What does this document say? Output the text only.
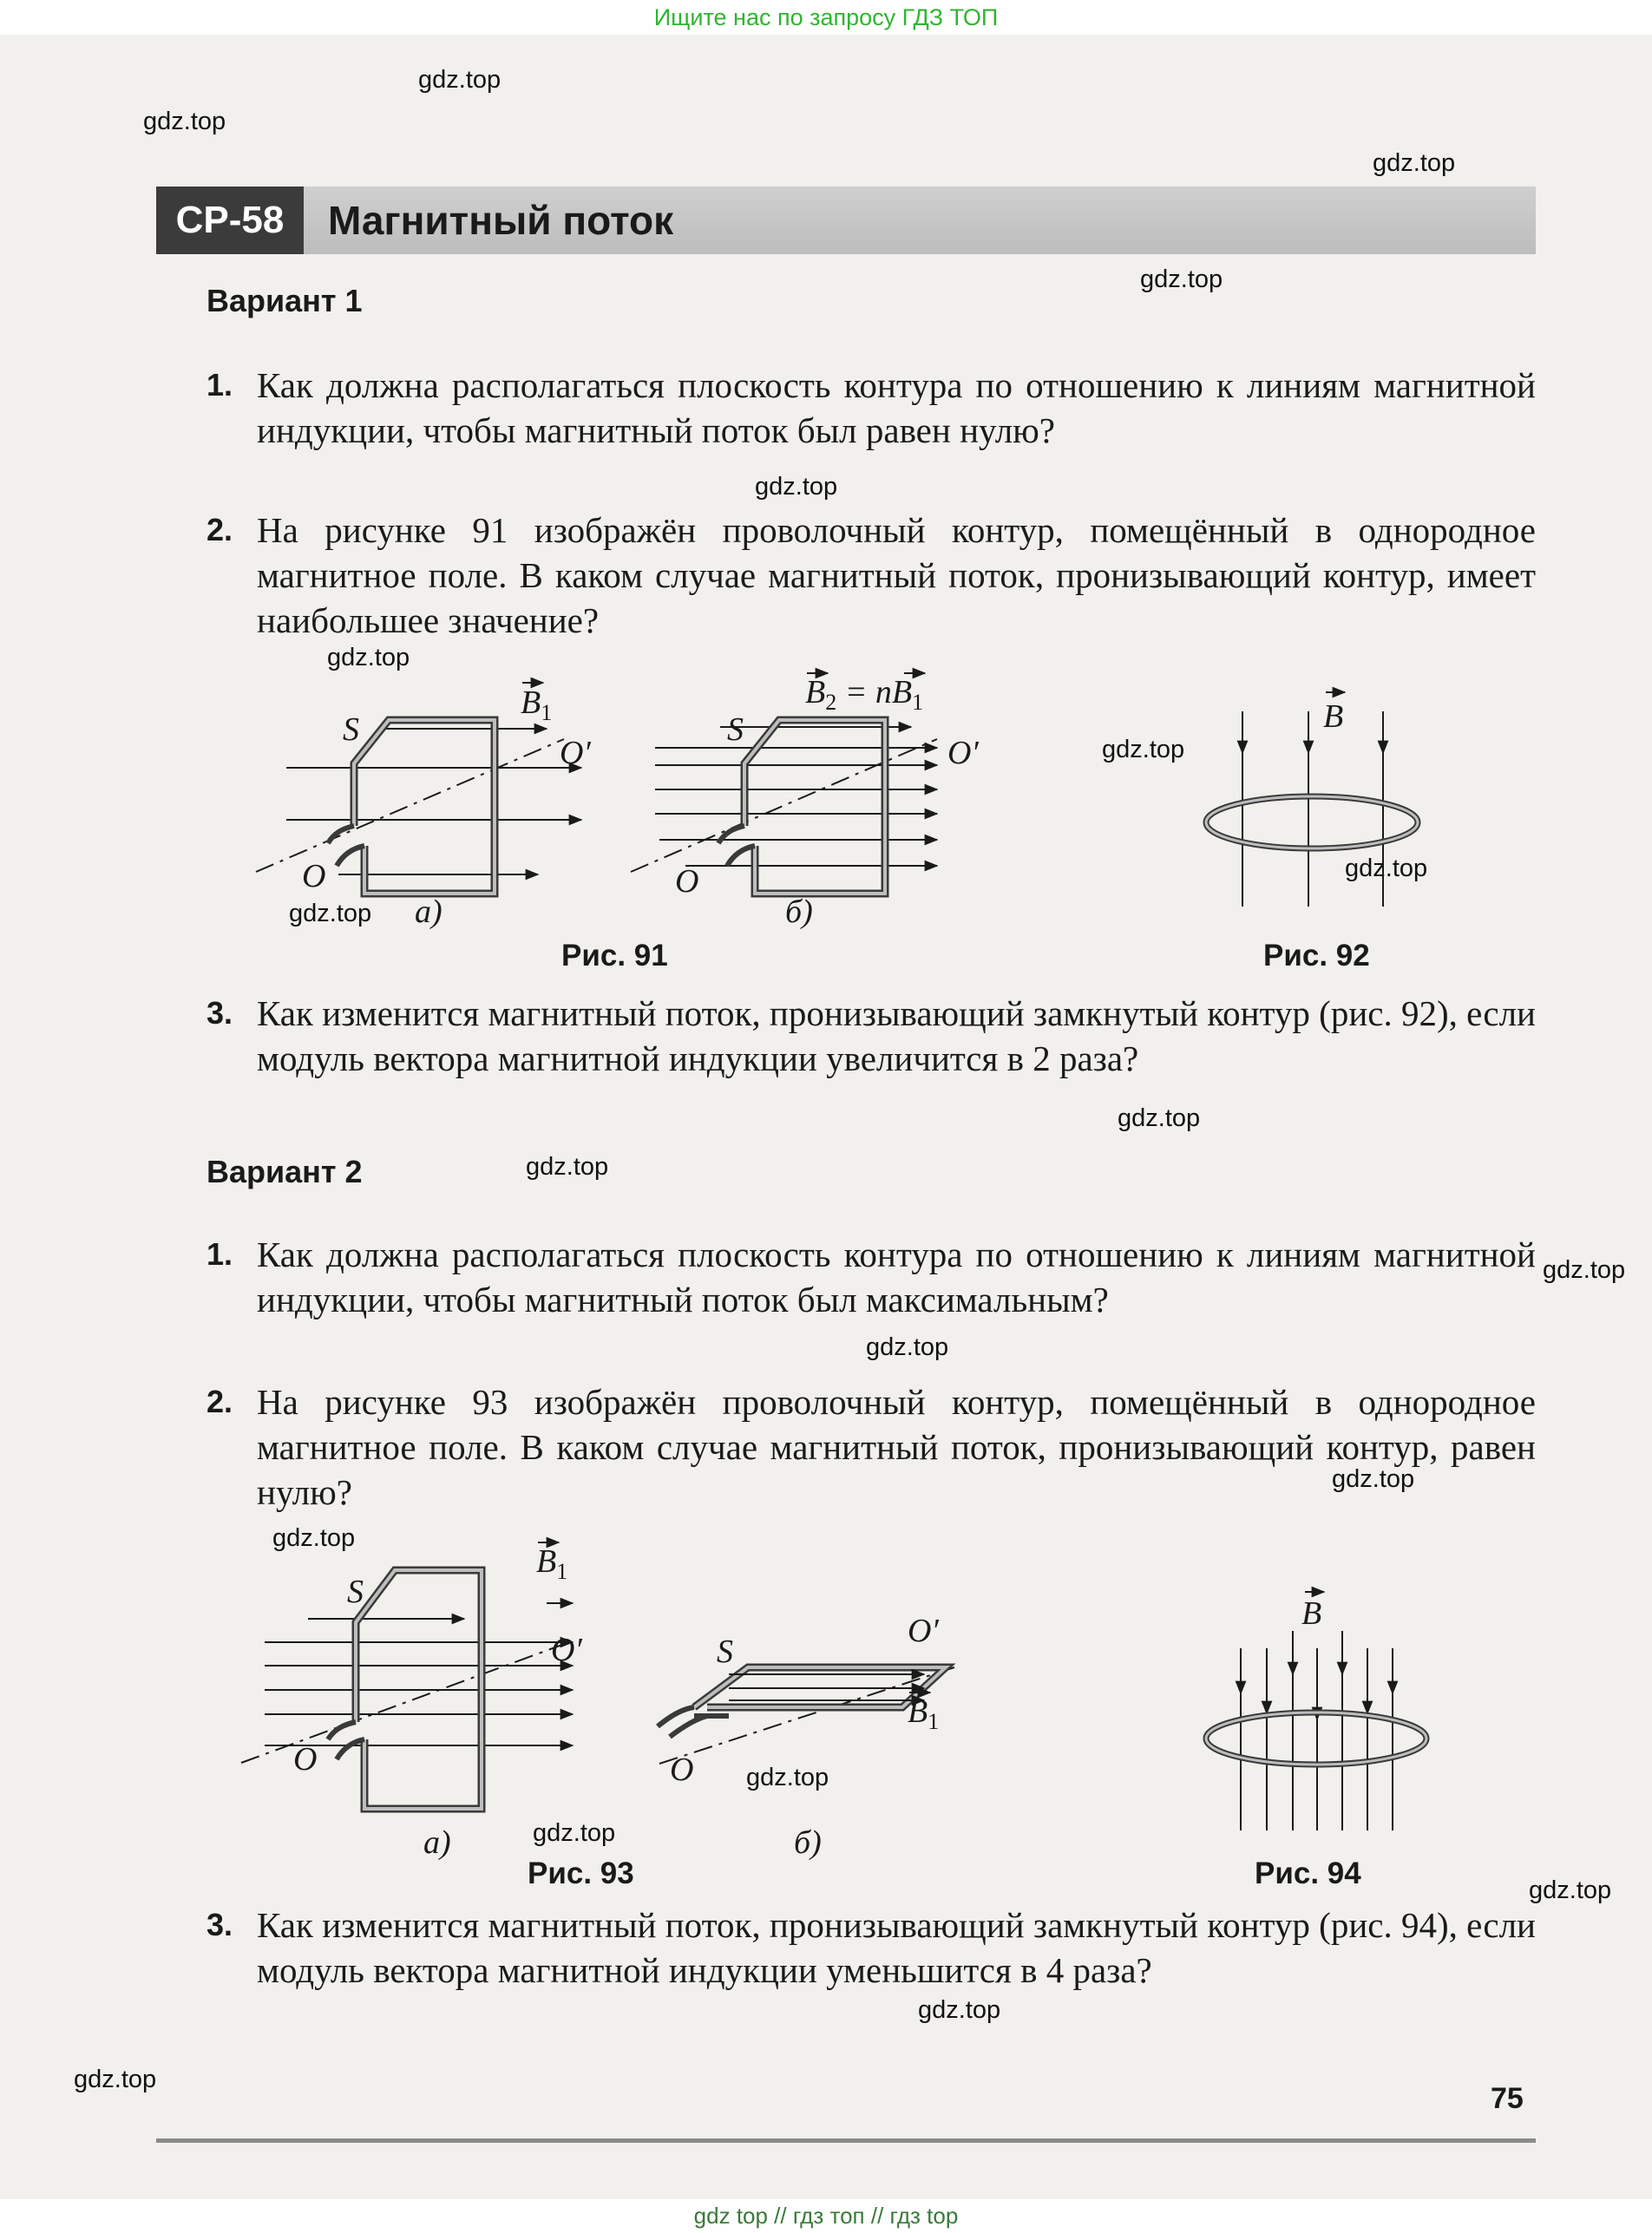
Ищите нас по запросу ГДЗ ТОП
gdz.top
gdz.top
gdz.top
gdz.top
gdz.top
gdz.top
gdz.top
gdz.top
gdz.top
gdz.top
gdz.top
gdz.top
gdz.top
gdz.top
gdz.top
gdz.top
gdz.top
gdz.top
gdz.top
gdz.top
СР-58	Магнитный поток
Вариант 1
1. Как должна располагаться плоскость контура по отношению к линиям магнитной индукции, чтобы магнитный поток был равен нулю?
2. На рисунке 91 изображён проволочный контур, помещённый в однородное магнитное поле. В каком случае магнитный поток, пронизывающий контур, имеет наибольшее значение?
S
O′
O
$B_1$
а)
S
O′
O
$B_2 = nB_1$
б)
B
Рис. 91	Рис. 92
3. Как изменится магнитный поток, пронизывающий замкнутый контур (рис. 92), если модуль вектора магнитной индукции увеличится в 2 раза?
Вариант 2
1. Как должна располагаться плоскость контура по отношению к линиям магнитной индукции, чтобы магнитный поток был максимальным?
2. На рисунке 93 изображён проволочный контур, помещённый в однородное магнитное поле. В каком случае магнитный поток, пронизывающий контур, равен нулю?
S
O′
O
$B_1$
а)
S
O′
O
$B_1$
б)
B
Рис. 93	Рис. 94
3. Как изменится магнитный поток, пронизывающий замкнутый контур (рис. 94), если модуль вектора магнитной индукции уменьшится в 4 раза?
75
gdz top // гдз топ // гдз top
